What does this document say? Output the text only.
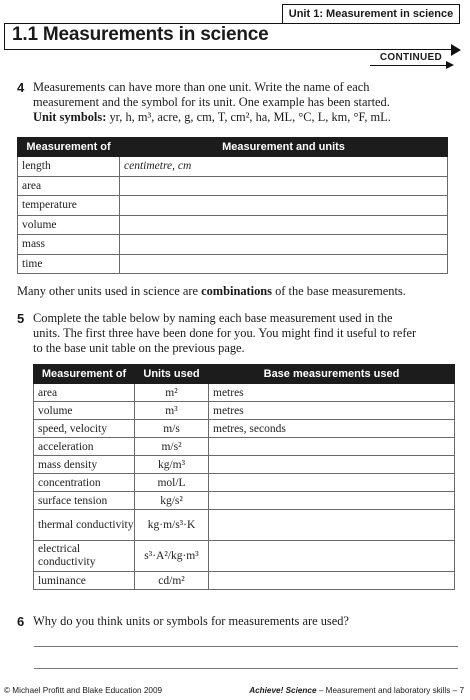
Unit 1: Measurement in science
1.1 Measurements in science
CONTINUED
4 Measurements can have more than one unit. Write the name of each
measurement and the symbol for its unit. One example has been started.
Unit symbols: yr, h, m³, acre, g, cm, T, cm², ha, ML, °C, L, km, °F, mL.
Measurement of	Measurement and units
length	centimetre, cm
area	
temperature	
volume	
mass	
time	
Many other units used in science are combinations of the base measurements.
5 Complete the table below by naming each base measurement used in the
units. The first three have been done for you. You might find it useful to refer
to the base unit table on the previous page.
Measurement of	Units used	Base measurements used
area	m²	metres
volume	m³	metres
speed, velocity	m/s	metres, seconds
acceleration	m/s²	
mass density	kg/m³	
concentration	mol/L	
surface tension	kg/s²	
thermal conductivity	kg·m/s³·K	
electrical conductivity	s³·A²/kg·m³	
luminance	cd/m²	
6 Why do you think units or symbols for measurements are used?
© Michael Profitt and Blake Education 2009	Achieve! Science – Measurement and laboratory skills – 7
